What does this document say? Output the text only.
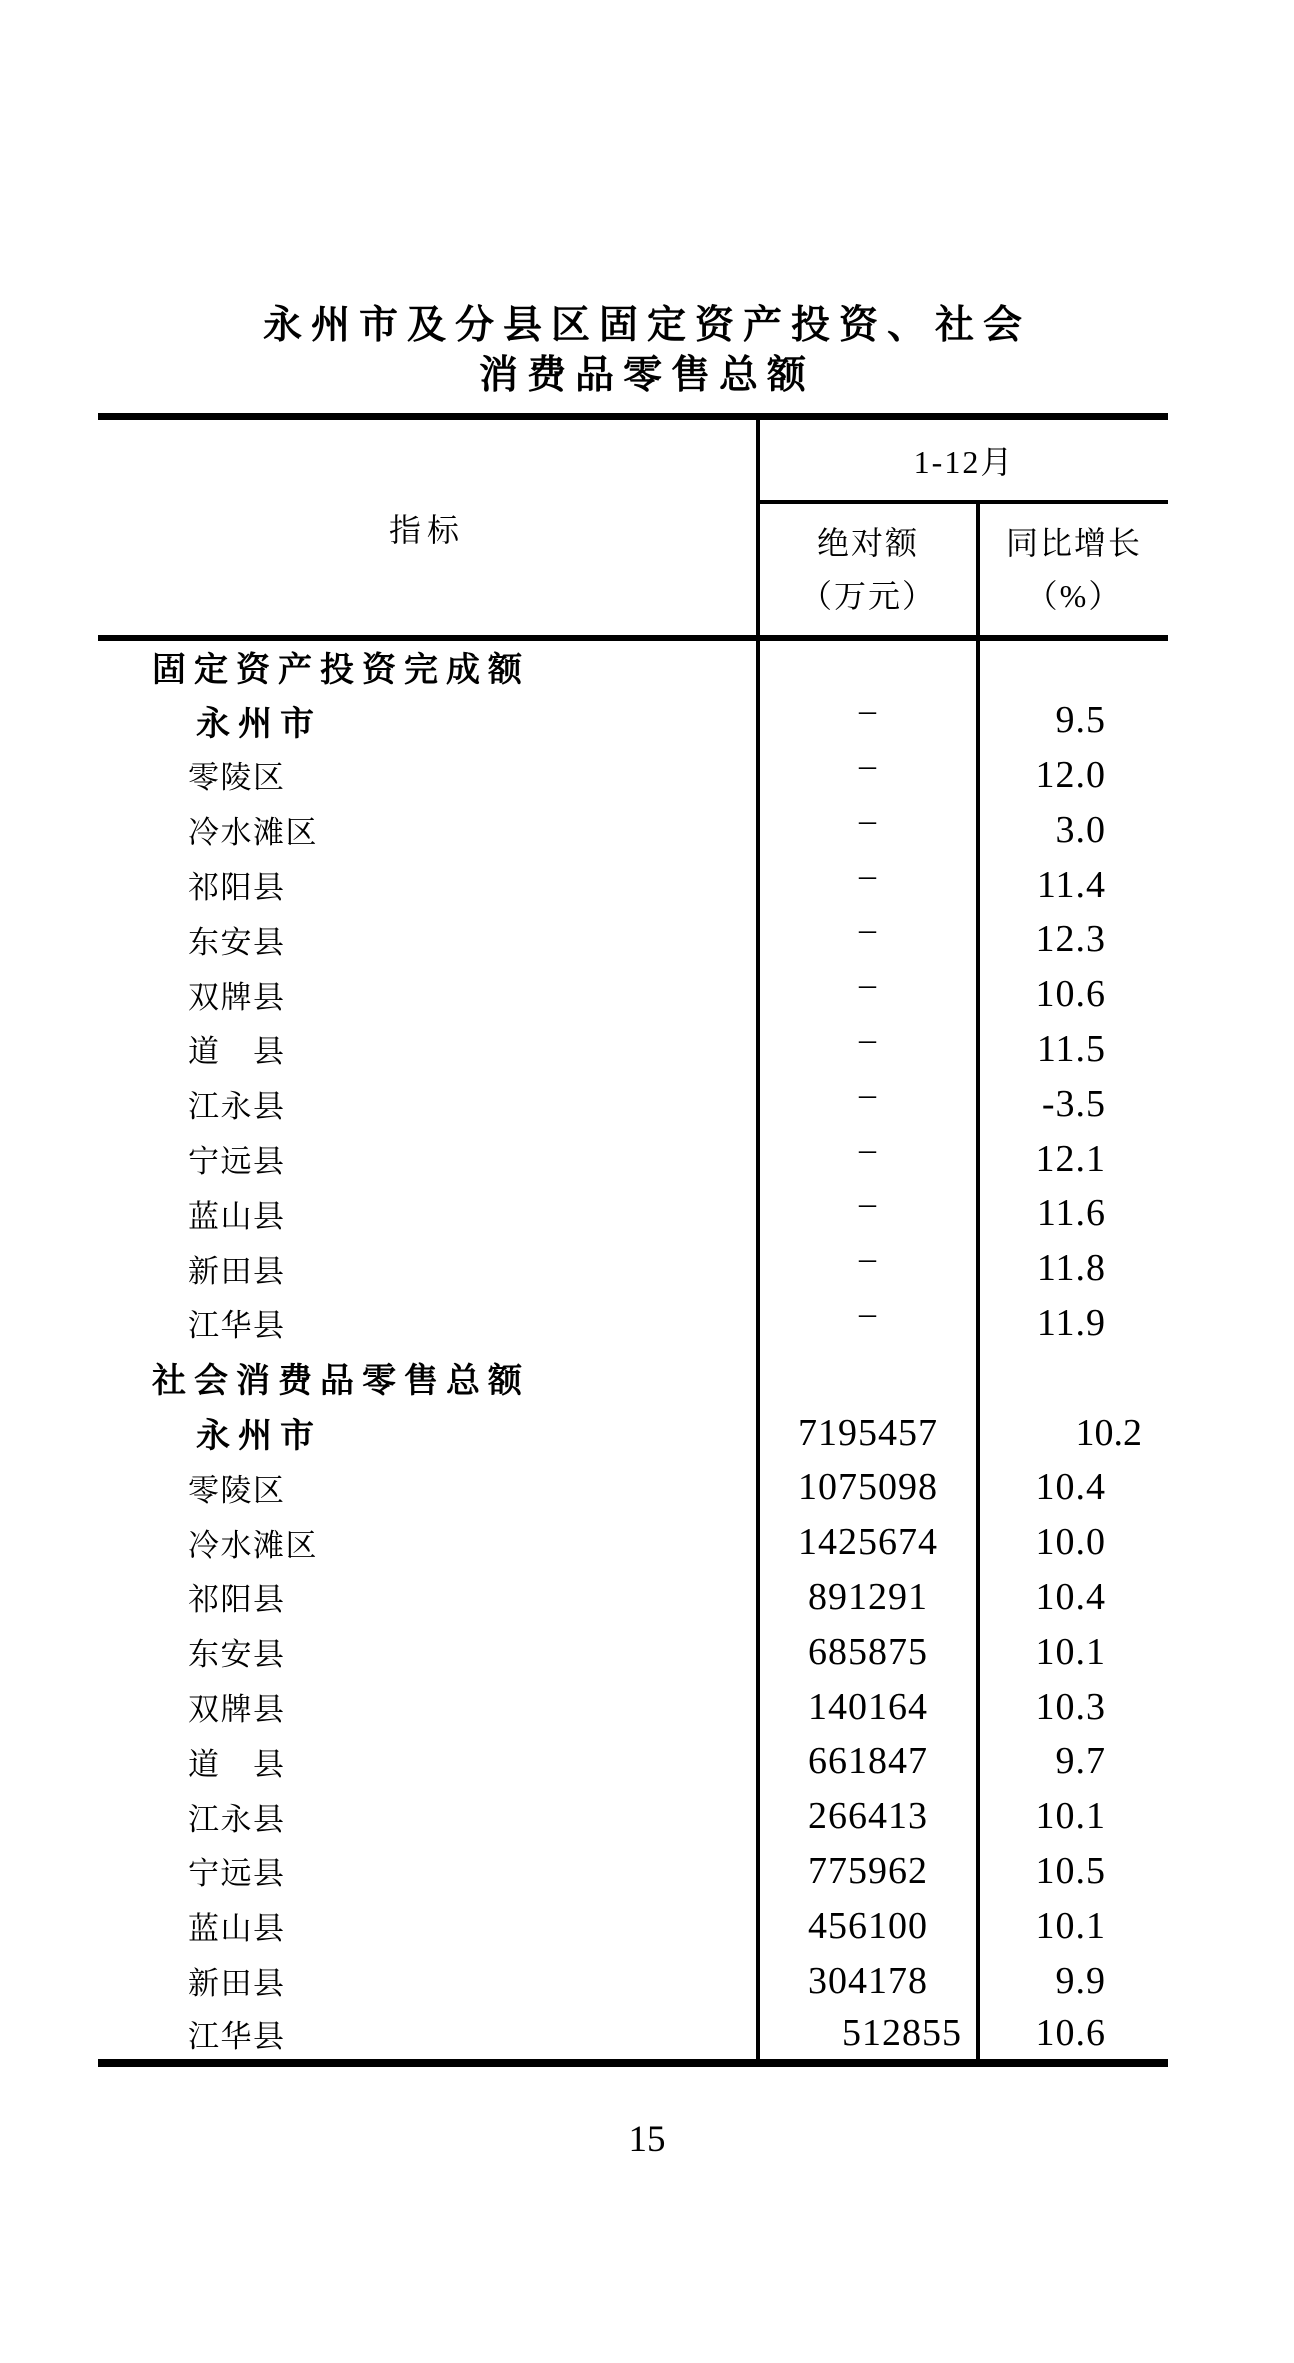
永州市及分县区固定资产投资、社会
消费品零售总额
指标	1-12月	
	绝对额（万元）	同比增长（%）
固定资产投资完成额		
永州市	–	9.5
零陵区	–	12.0
冷水滩区	–	3.0
祁阳县	–	11.4
东安县	–	12.3
双牌县	–	10.6
道　县	–	11.5
江永县	–	-3.5
宁远县	–	12.1
蓝山县	–	11.6
新田县	–	11.8
江华县	–	11.9
社会消费品零售总额		
永州市	7195457	10.2
零陵区	1075098	10.4
冷水滩区	1425674	10.0
祁阳县	891291	10.4
东安县	685875	10.1
双牌县	140164	10.3
道　县	661847	9.7
江永县	266413	10.1
宁远县	775962	10.5
蓝山县	456100	10.1
新田县	304178	9.9
江华县	512855	10.6
15
